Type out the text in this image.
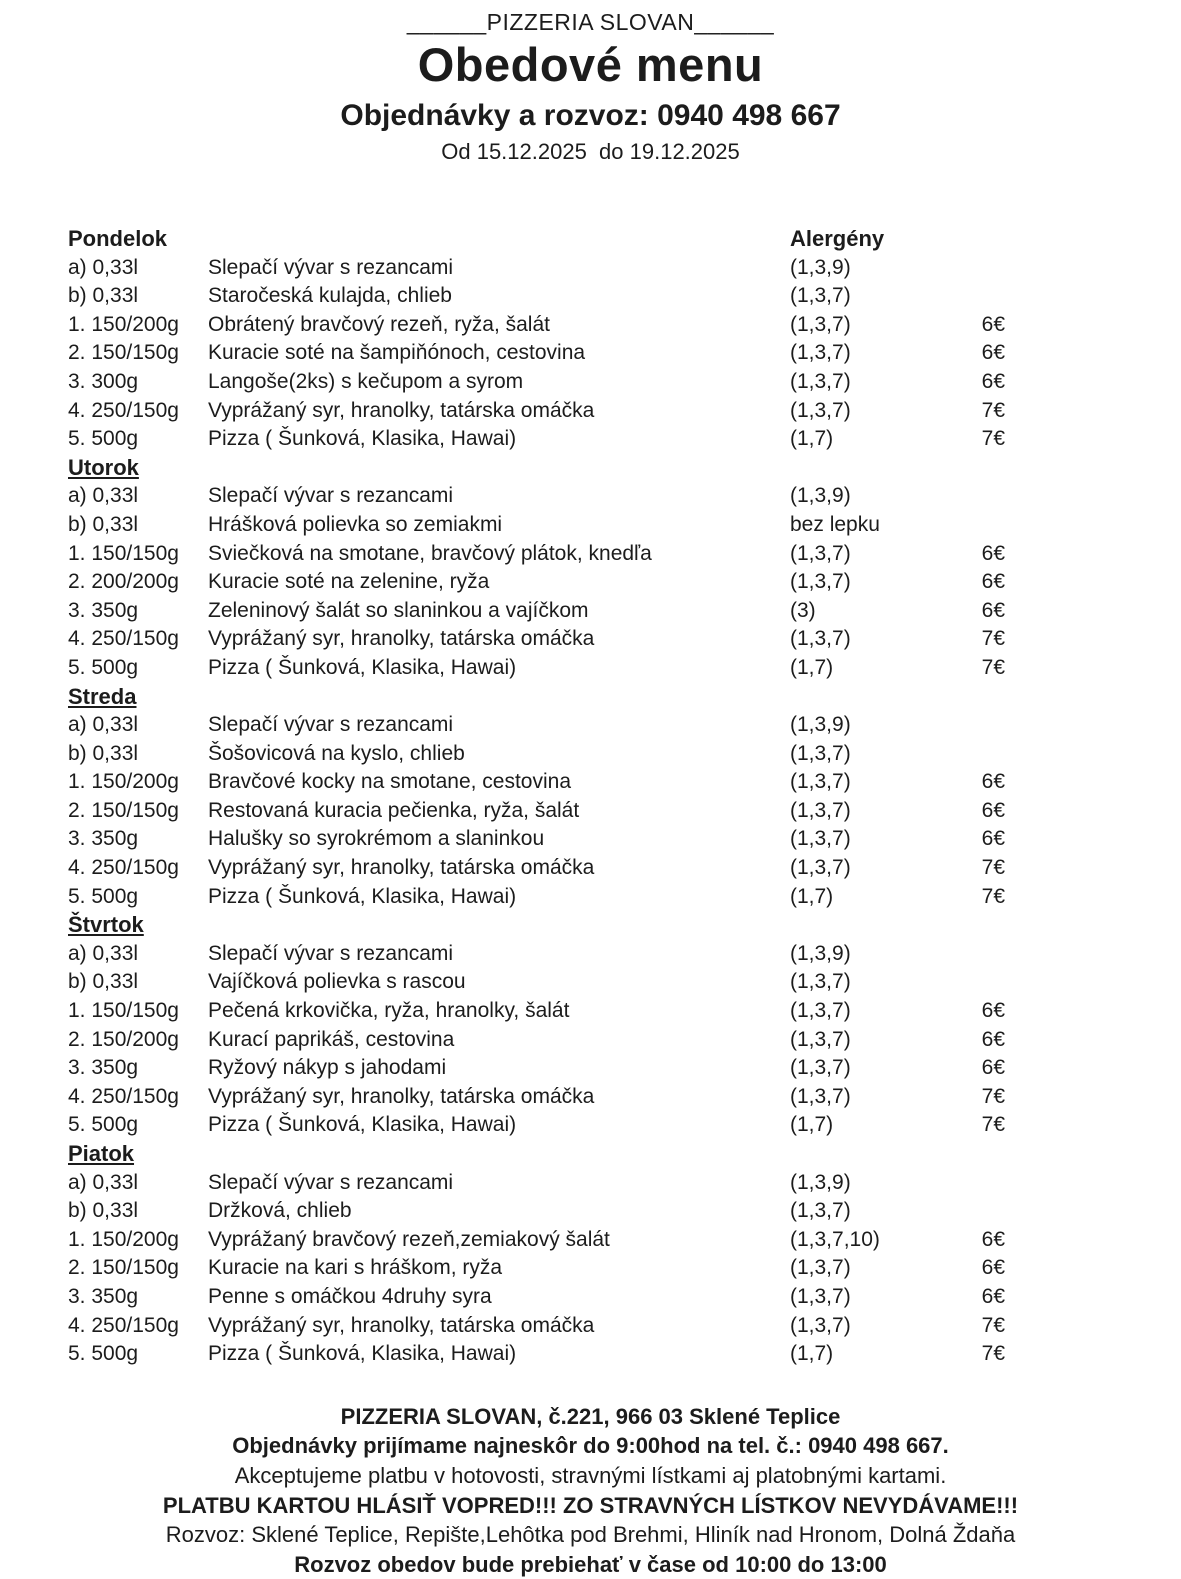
______PIZZERIA SLOVAN______
Obedové menu
Objednávky a rozvoz: 0940 498 667
Od 15.12.2025  do 19.12.2025
Pondelok	Alergény
a) 0,33l	Slepačí vývar s rezancami	(1,3,9)
b) 0,33l	Staročeská kulajda, chlieb	(1,3,7)
1. 150/200g	Obrátený bravčový rezeň, ryža, šalát	(1,3,7)	6€
2. 150/150g	Kuracie soté na šampiňónoch, cestovina	(1,3,7)	6€
3. 300g	Langoše(2ks) s kečupom a syrom	(1,3,7)	6€
4. 250/150g	Vyprážaný syr, hranolky, tatárska omáčka	(1,3,7)	7€
5. 500g	Pizza ( Šunková, Klasika, Hawai)	(1,7)	7€
Utorok
a) 0,33l	Slepačí vývar s rezancami	(1,3,9)
b) 0,33l	Hrášková polievka so zemiakmi	bez lepku
1. 150/150g	Sviečková na smotane, bravčový plátok, knedľa	(1,3,7)	6€
2. 200/200g	Kuracie soté na zelenine, ryža	(1,3,7)	6€
3. 350g	Zeleninový šalát so slaninkou a vajíčkom	(3)	6€
4. 250/150g	Vyprážaný syr, hranolky, tatárska omáčka	(1,3,7)	7€
5. 500g	Pizza ( Šunková, Klasika, Hawai)	(1,7)	7€
Streda
a) 0,33l	Slepačí vývar s rezancami	(1,3,9)
b) 0,33l	Šošovicová na kyslo, chlieb	(1,3,7)
1. 150/200g	Bravčové kocky na smotane, cestovina	(1,3,7)	6€
2. 150/150g	Restovaná kuracia pečienka, ryža, šalát	(1,3,7)	6€
3. 350g	Halušky so syrokrémom a slaninkou	(1,3,7)	6€
4. 250/150g	Vyprážaný syr, hranolky, tatárska omáčka	(1,3,7)	7€
5. 500g	Pizza ( Šunková, Klasika, Hawai)	(1,7)	7€
Štvrtok
a) 0,33l	Slepačí vývar s rezancami	(1,3,9)
b) 0,33l	Vajíčková polievka s rascou	(1,3,7)
1. 150/150g	Pečená krkovička, ryža, hranolky, šalát	(1,3,7)	6€
2. 150/200g	Kurací paprikáš, cestovina	(1,3,7)	6€
3. 350g	Ryžový nákyp s jahodami	(1,3,7)	6€
4. 250/150g	Vyprážaný syr, hranolky, tatárska omáčka	(1,3,7)	7€
5. 500g	Pizza ( Šunková, Klasika, Hawai)	(1,7)	7€
Piatok
a) 0,33l	Slepačí vývar s rezancami	(1,3,9)
b) 0,33l	Držková, chlieb	(1,3,7)
1. 150/200g	Vyprážaný bravčový rezeň,zemiakový šalát	(1,3,7,10)	6€
2. 150/150g	Kuracie na kari s hráškom, ryža	(1,3,7)	6€
3. 350g	Penne s omáčkou 4druhy syra	(1,3,7)	6€
4. 250/150g	Vyprážaný syr, hranolky, tatárska omáčka	(1,3,7)	7€
5. 500g	Pizza ( Šunková, Klasika, Hawai)	(1,7)	7€
PIZZERIA SLOVAN, č.221, 966 03 Sklené Teplice
Objednávky prijímame najneskôr do 9:00hod na tel. č.: 0940 498 667.
Akceptujeme platbu v hotovosti, stravnými lístkami aj platobnými kartami.
PLATBU KARTOU HLÁSIŤ VOPRED!!! ZO STRAVNÝCH LÍSTKOV NEVYDÁVAME!!!
Rozvoz: Sklené Teplice, Repište,Lehôtka pod Brehmi, Hliník nad Hronom, Dolná Ždaňa
Rozvoz obedov bude prebiehať v čase od 10:00 do 13:00
